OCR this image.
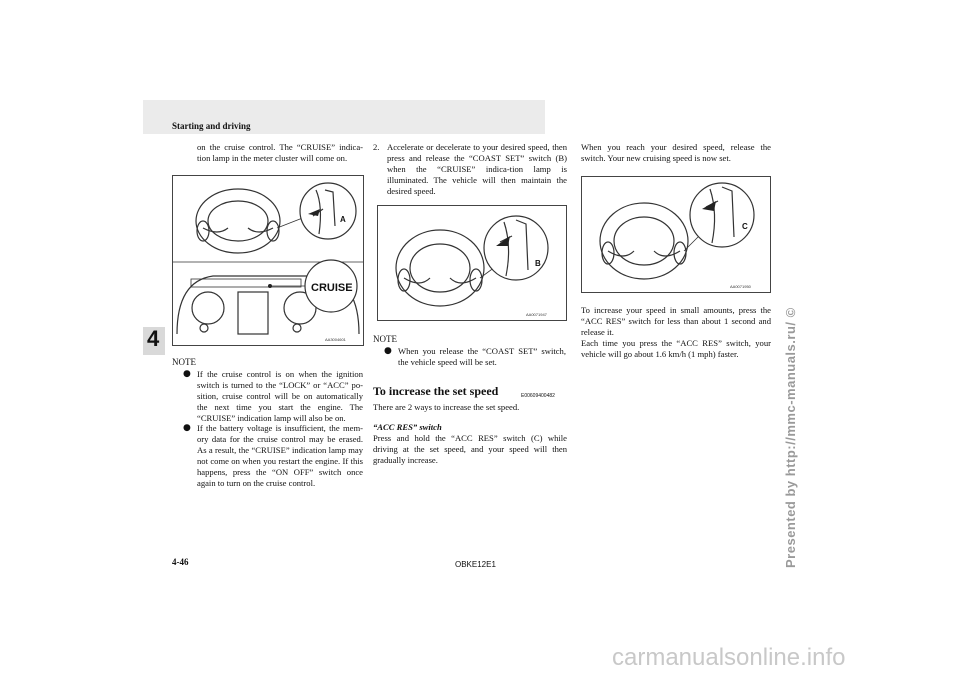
Starting and driving
4
on the cruise control. The “CRUISE” indica-tion lamp in the meter cluster will come on.
A
CRUISE
AA3004601
NOTE
● If the cruise control is on when the ignition switch is turned to the “LOCK” or “ACC” po-sition, cruise control will be on automatically the next time you start the engine. The “CRUISE” indication lamp will also be on.
● If the battery voltage is insufficient, the mem-ory data for the cruise control may be erased. As a result, the “CRUISE” indication lamp may not come on when you restart the engine. If this happens, press the “ON OFF” switch once again to turn on the cruise control.
2. Accelerate or decelerate to your desired speed, then press and release the “COAST SET” switch (B) when the “CRUISE” indica-tion lamp is illuminated. The vehicle will then maintain the desired speed.
B
AA0071947
NOTE
● When you release the “COAST SET” switch, the vehicle speed will be set.
To increase the set speed	E00609400482
There are 2 ways to increase the set speed.
“ACC RES” switch
Press and hold the “ACC RES” switch (C) while driving at the set speed, and your speed will then gradually increase.
When you reach your desired speed, release the switch. Your new cruising speed is now set.
C
AA0071950
To increase your speed in small amounts, press the “ACC RES” switch for less than about 1 second and release it.
Each time you press the “ACC RES” switch, your vehicle will go about 1.6 km/h (1 mph) faster.
4-46	OBKE12E1	Presented by http://mmc-manuals.ru/ ©
carmanualsonline.info
